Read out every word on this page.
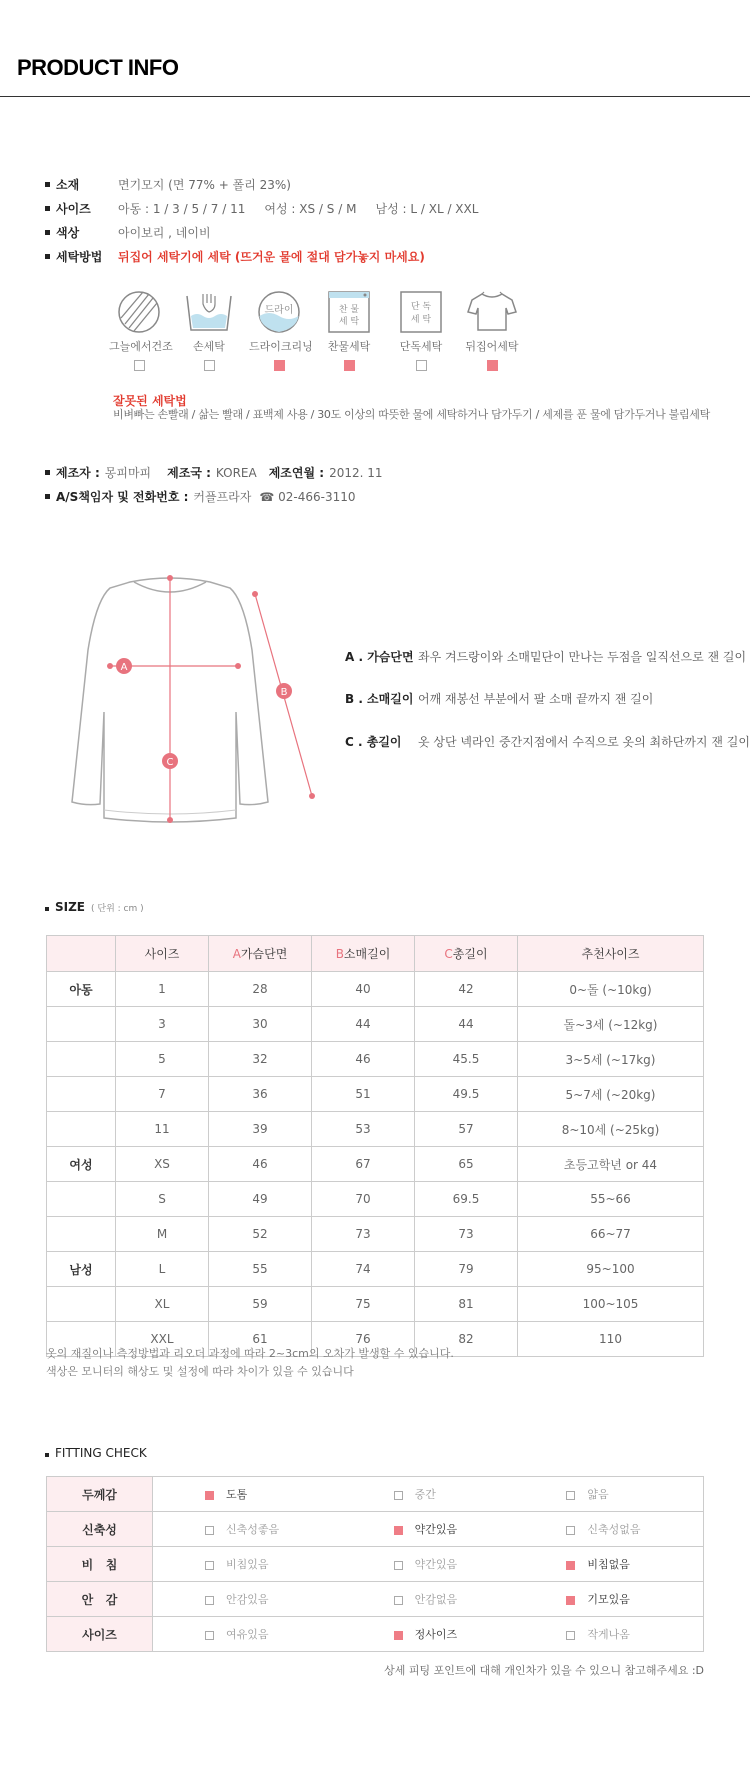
PRODUCT INFO
소재	면기모지 (면 77% + 폴리 23%)
사이즈	아동 : 1 / 3 / 5 / 7 / 11     여성 : XS / S / M     남성 : L / XL / XXL
색상	아이보리 , 네이비
세탁방법	뒤집어 세탁기에 세탁 (뜨거운 물에 절대 담가놓지 마세요)
그늘에서건조	손세탁
드라이
드라이크리닝
찬 물
세 탁
찬물세탁
단 독
세 탁
단독세탁	뒤집어세탁
잘못된 세탁법
비벼빠는 손빨래 / 삶는 빨래 / 표백제 사용 / 30도 이상의 따뜻한 물에 세탁하거나 담가두기 / 세제를 푼 물에 담가두거나 불림세탁
제조자 : 몽피마피 제조국 : KOREA 제조연월 : 2012. 11
A/S책임자 및 전화번호 : 커플프라자 ☎ 02-466-3110
A
B
C
A . 가슴단면 좌우 겨드랑이와 소매밑단이 만나는 두점을 일직선으로 잰 길이
B . 소매길이 어깨 재봉선 부분에서 팔 소매 끝까지 잰 길이
C . 총길이	옷 상단 넥라인 중간지점에서 수직으로 옷의 최하단까지 잰 길이
SIZE ( 단위 : cm )
	사이즈	A가슴단면	B소매길이	C총길이	추천사이즈
아동	1	28	40	42	0~돌 (~10kg)
	3	30	44	44	돌~3세 (~12kg)
	5	32	46	45.5	3~5세 (~17kg)
	7	36	51	49.5	5~7세 (~20kg)
	11	39	53	57	8~10세 (~25kg)
여성	XS	46	67	65	초등고학년 or 44
	S	49	70	69.5	55~66
	M	52	73	73	66~77
남성	L	55	74	79	95~100
	XL	59	75	81	100~105
	XXL	61	76	82	110
옷의 재질이나 측정방법과 리오더 과정에 따라 2~3cm의 오차가 발생할 수 있습니다.
색상은 모니터의 해상도 및 설정에 따라 차이가 있을 수 있습니다
FITTING CHECK
두께감	도톰	중간	얇음
신축성	신축성좋음	약간있음	신축성없음
비   침	비침있음	약간있음	비침없음
안   감	안감있음	안감없음	기모있음
사이즈	여유있음	정사이즈	작게나옴
상세 피팅 포인트에 대해 개인차가 있을 수 있으니 참고해주세요 :D
